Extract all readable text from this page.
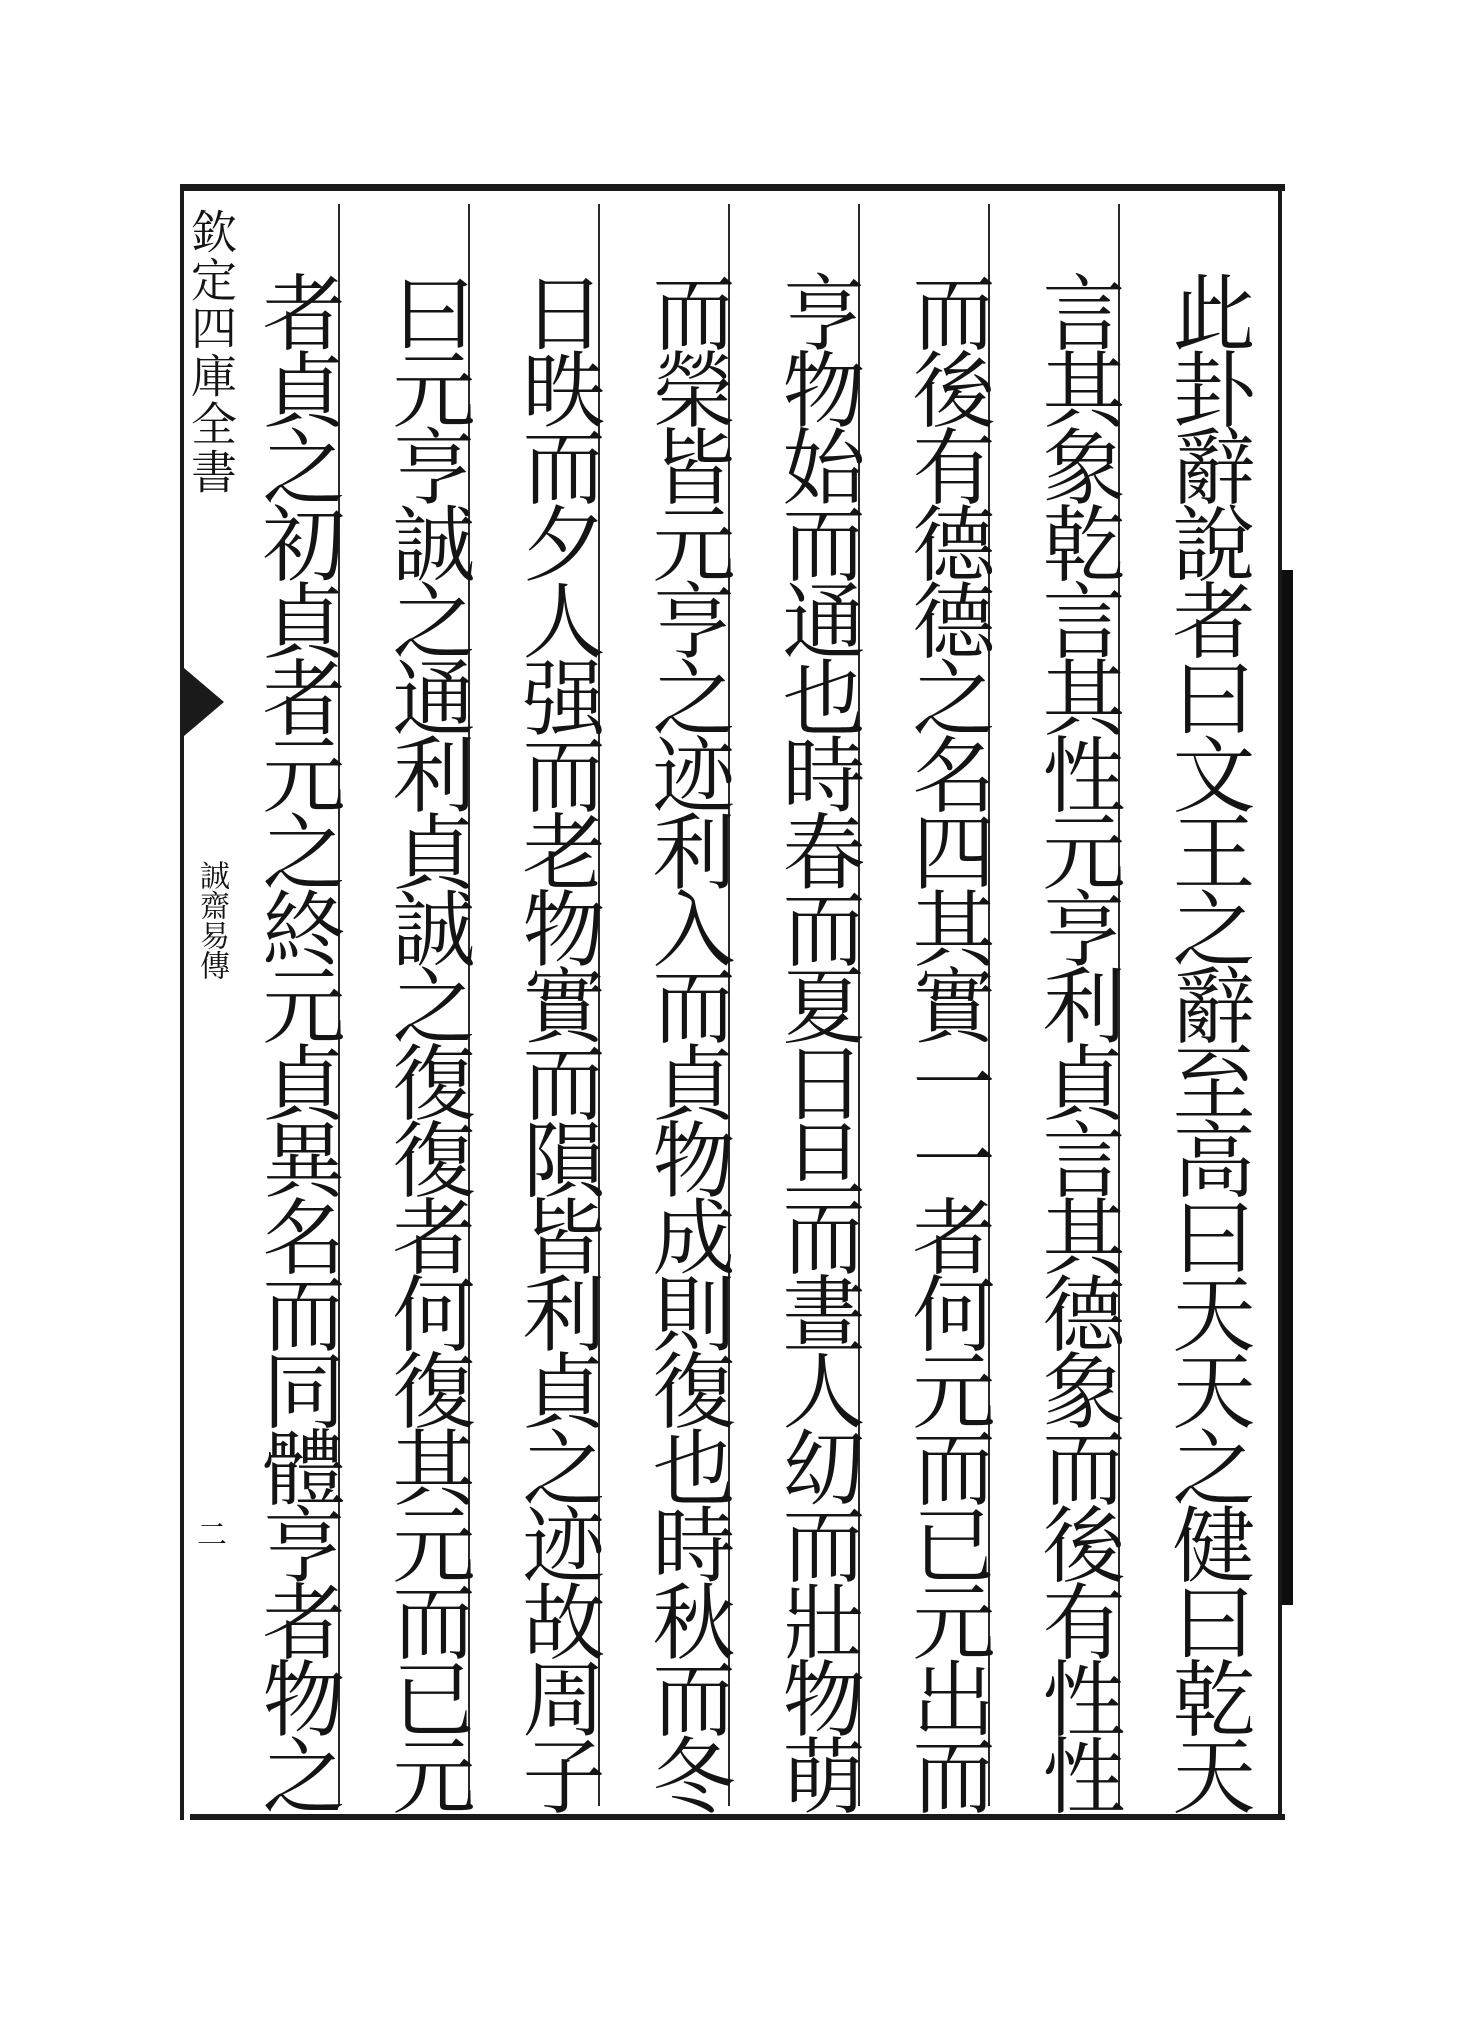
欽定四庫全書
誠齋易傳
二	此卦辭說者曰文王之辭至高曰天天之健曰乾天
言其象乾言其性元亨利貞言其德象而後有性性
而後有德德之名四其實一一者何元而已元出而
亨物始而通也時春而夏日旦而晝人㓜而壯物萌
而榮皆元亨之迹利入而貞物成則復也時秋而冬
日昳而夕人强而老物實而隕皆利貞之迹故周子
曰元亨誠之通利貞誠之復復者何復其元而已元
者貞之初貞者元之終元貞異名而同體亨者物之
